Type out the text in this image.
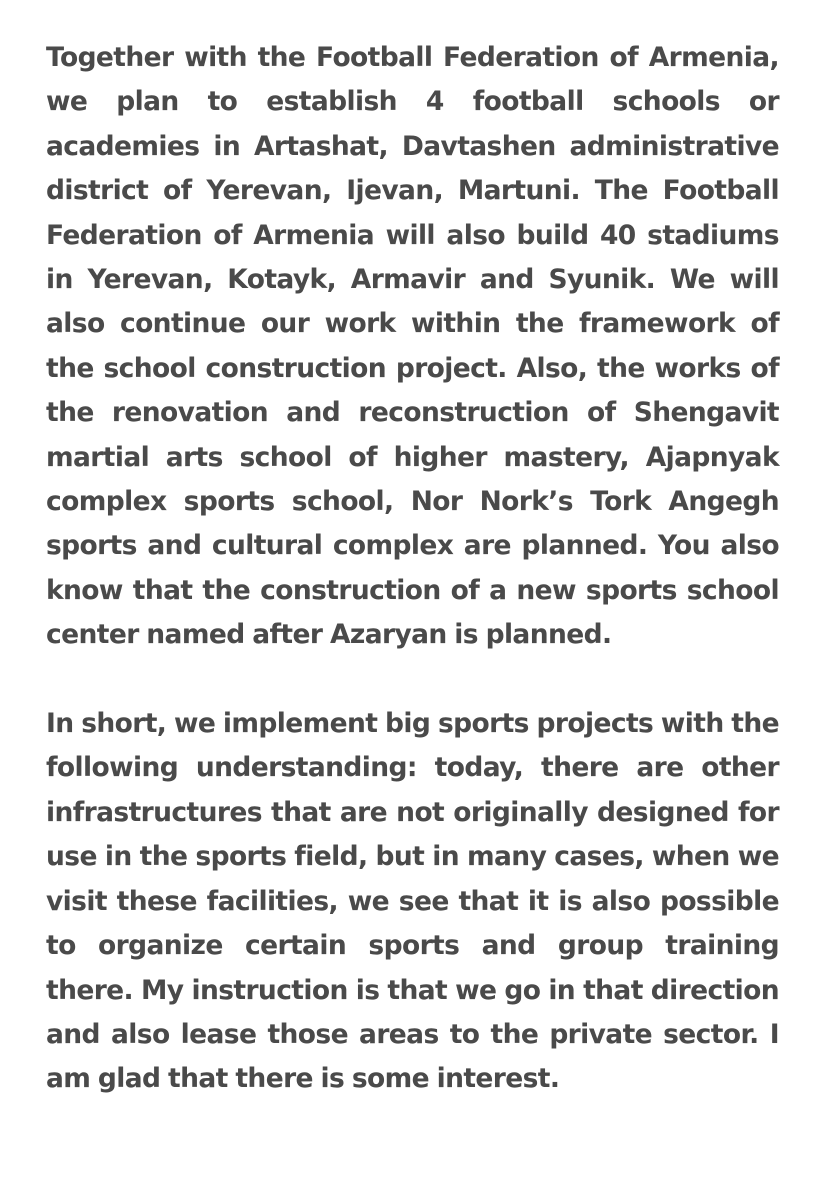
Together with the Football Federation of Armenia, we plan to establish 4 football schools or academies in Artashat, Davtashen administrative district of Yerevan, Ijevan, Martuni. The Football Federation of Armenia will also build 40 stadiums in Yerevan, Kotayk, Armavir and Syunik. We will also continue our work within the framework of the school construction project. Also, the works of the renovation and reconstruction of Shengavit martial arts school of higher mastery, Ajapnyak complex sports school, Nor Nork’s Tork Angegh sports and cultural complex are planned. You also know that the construction of a new sports school center named after Azaryan is planned.

In short, we implement big sports projects with the following understanding: today, there are other infrastructures that are not originally designed for use in the sports field, but in many cases, when we visit these facilities, we see that it is also possible to organize certain sports and group training there. My instruction is that we go in that direction and also lease those areas to the private sector. I am glad that there is some interest.
